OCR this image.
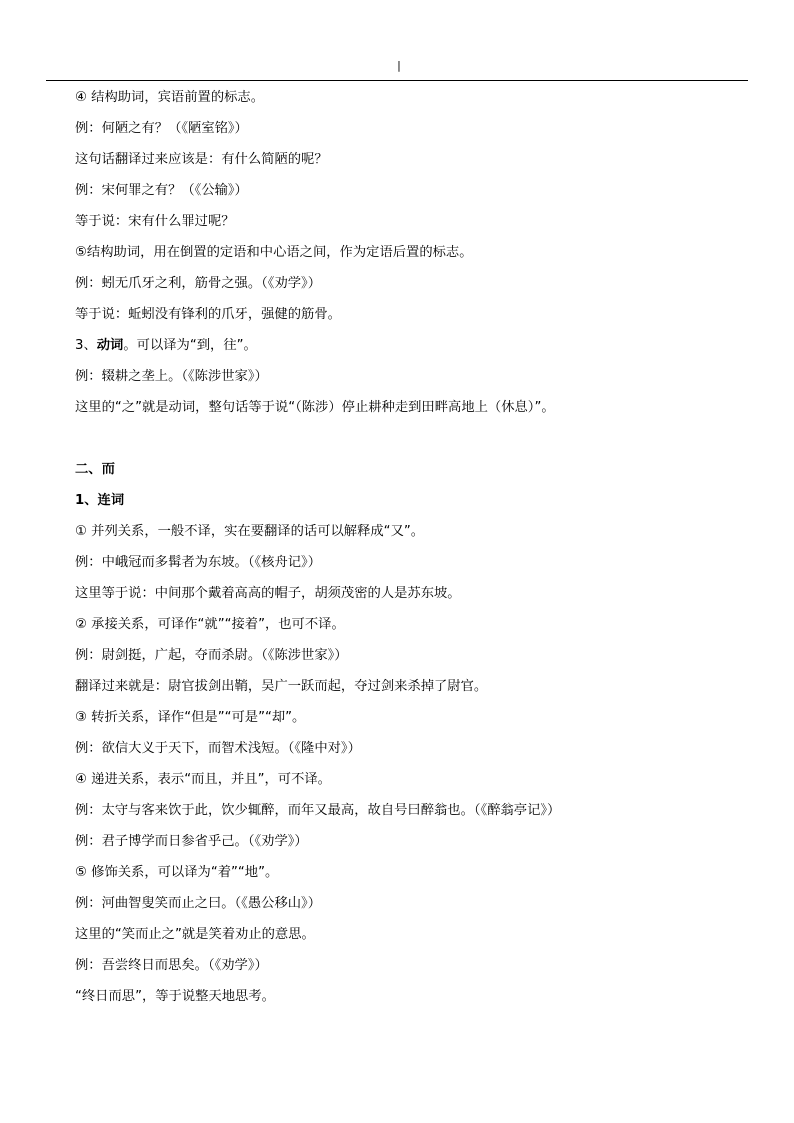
|
④ 结构助词，宾语前置的标志。
例：何陋之有？（《陋室铭》）
这句话翻译过来应该是：有什么简陋的呢？
例：宋何罪之有？（《公输》）
等于说：宋有什么罪过呢？
⑤结构助词，用在倒置的定语和中心语之间，作为定语后置的标志。
例：蚓无爪牙之利，筋骨之强。（《劝学》）
等于说：蚯蚓没有锋利的爪牙，强健的筋骨。
3、动词。可以译为“到，往”。
例：辍耕之垄上。（《陈涉世家》）
这里的“之”就是动词，整句话等于说“（陈涉）停止耕种走到田畔高地上（休息）”。
二、而
1、连词
① 并列关系，一般不译，实在要翻译的话可以解释成“又”。
例：中峨冠而多髯者为东坡。（《核舟记》）
这里等于说：中间那个戴着高高的帽子，胡须茂密的人是苏东坡。
② 承接关系，可译作“就”“接着”，也可不译。
例：尉剑挺，广起，夺而杀尉。（《陈涉世家》）
翻译过来就是：尉官拔剑出鞘，吴广一跃而起，夺过剑来杀掉了尉官。
③ 转折关系，译作“但是”“可是”“却”。
例：欲信大义于天下，而智术浅短。（《隆中对》）
④ 递进关系，表示“而且，并且”，可不译。
例：太守与客来饮于此，饮少辄醉，而年又最高，故自号曰醉翁也。（《醉翁亭记》）
例：君子博学而日参省乎己。（《劝学》）
⑤ 修饰关系，可以译为“着”“地”。
例：河曲智叟笑而止之曰。（《愚公移山》）
这里的“笑而止之”就是笑着劝止的意思。
例：吾尝终日而思矣。（《劝学》）
“终日而思”，等于说整天地思考。
